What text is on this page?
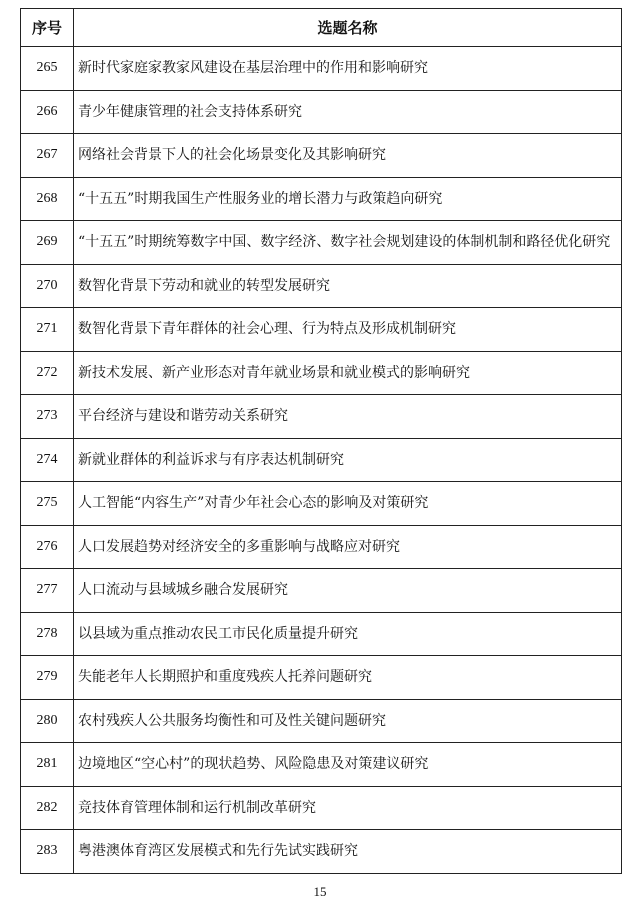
序号	选题名称
265	新时代家庭家教家风建设在基层治理中的作用和影响研究
266	青少年健康管理的社会支持体系研究
267	网络社会背景下人的社会化场景变化及其影响研究
268	“十五五”时期我国生产性服务业的增长潜力与政策趋向研究
269	“十五五”时期统筹数字中国、数字经济、数字社会规划建设的体制机制和路径优化研究
270	数智化背景下劳动和就业的转型发展研究
271	数智化背景下青年群体的社会心理、行为特点及形成机制研究
272	新技术发展、新产业形态对青年就业场景和就业模式的影响研究
273	平台经济与建设和谐劳动关系研究
274	新就业群体的利益诉求与有序表达机制研究
275	人工智能“内容生产”对青少年社会心态的影响及对策研究
276	人口发展趋势对经济安全的多重影响与战略应对研究
277	人口流动与县域城乡融合发展研究
278	以县域为重点推动农民工市民化质量提升研究
279	失能老年人长期照护和重度残疾人托养问题研究
280	农村残疾人公共服务均衡性和可及性关键问题研究
281	边境地区“空心村”的现状趋势、风险隐患及对策建议研究
282	竞技体育管理体制和运行机制改革研究
283	粤港澳体育湾区发展模式和先行先试实践研究
15
